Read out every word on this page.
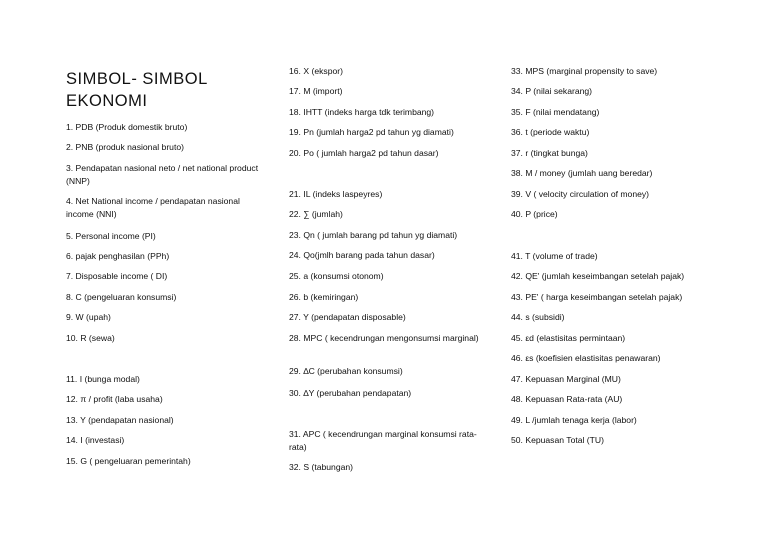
SIMBOL- SIMBOL EKONOMI
1. PDB (Produk domestik bruto)
2. PNB (produk nasional bruto)
3. Pendapatan nasional neto / net national product (NNP)
4. Net National income / pendapatan nasional income (NNI)
5. Personal income (PI)
6. pajak penghasilan (PPh)
7. Disposable income ( DI)
8. C (pengeluaran konsumsi)
9. W (upah)
10. R (sewa)
11. I (bunga modal)
12. π / profit (laba usaha)
13. Y (pendapatan nasional)
14. I (investasi)
15. G ( pengeluaran pemerintah)
16. X (ekspor)
17. M (import)
18. IHTT (indeks harga tdk terimbang)
19. Pn (jumlah harga2 pd tahun yg diamati)
20. Po ( jumlah harga2 pd tahun dasar)
21. IL (indeks laspeyres)
22. ∑ (jumlah)
23. Qn ( jumlah barang pd tahun yg diamati)
24. Qo(jmlh barang pada tahun dasar)
25. a (konsumsi otonom)
26. b (kemiringan)
27. Y (pendapatan disposable)
28. MPC ( kecendrungan mengonsumsi marginal)
29. ∆C (perubahan konsumsi)
30. ∆Y (perubahan pendapatan)
31. APC ( kecendrungan marginal konsumsi rata-rata)
32. S (tabungan)
33. MPS (marginal propensity to save)
34. P (nilai sekarang)
35. F (nilai mendatang)
36. t (periode waktu)
37. r (tingkat bunga)
38. M / money (jumlah uang beredar)
39. V ( velocity circulation of money)
40. P (price)
41. T (volume of trade)
42. QE' (jumlah keseimbangan setelah pajak)
43. PE' ( harga keseimbangan setelah pajak)
44. s (subsidi)
45. εd (elastisitas permintaan)
46. εs (koefisien elastisitas penawaran)
47. Kepuasan Marginal (MU)
48. Kepuasan Rata-rata (AU)
49. L /jumlah tenaga kerja (labor)
50. Kepuasan Total (TU)
